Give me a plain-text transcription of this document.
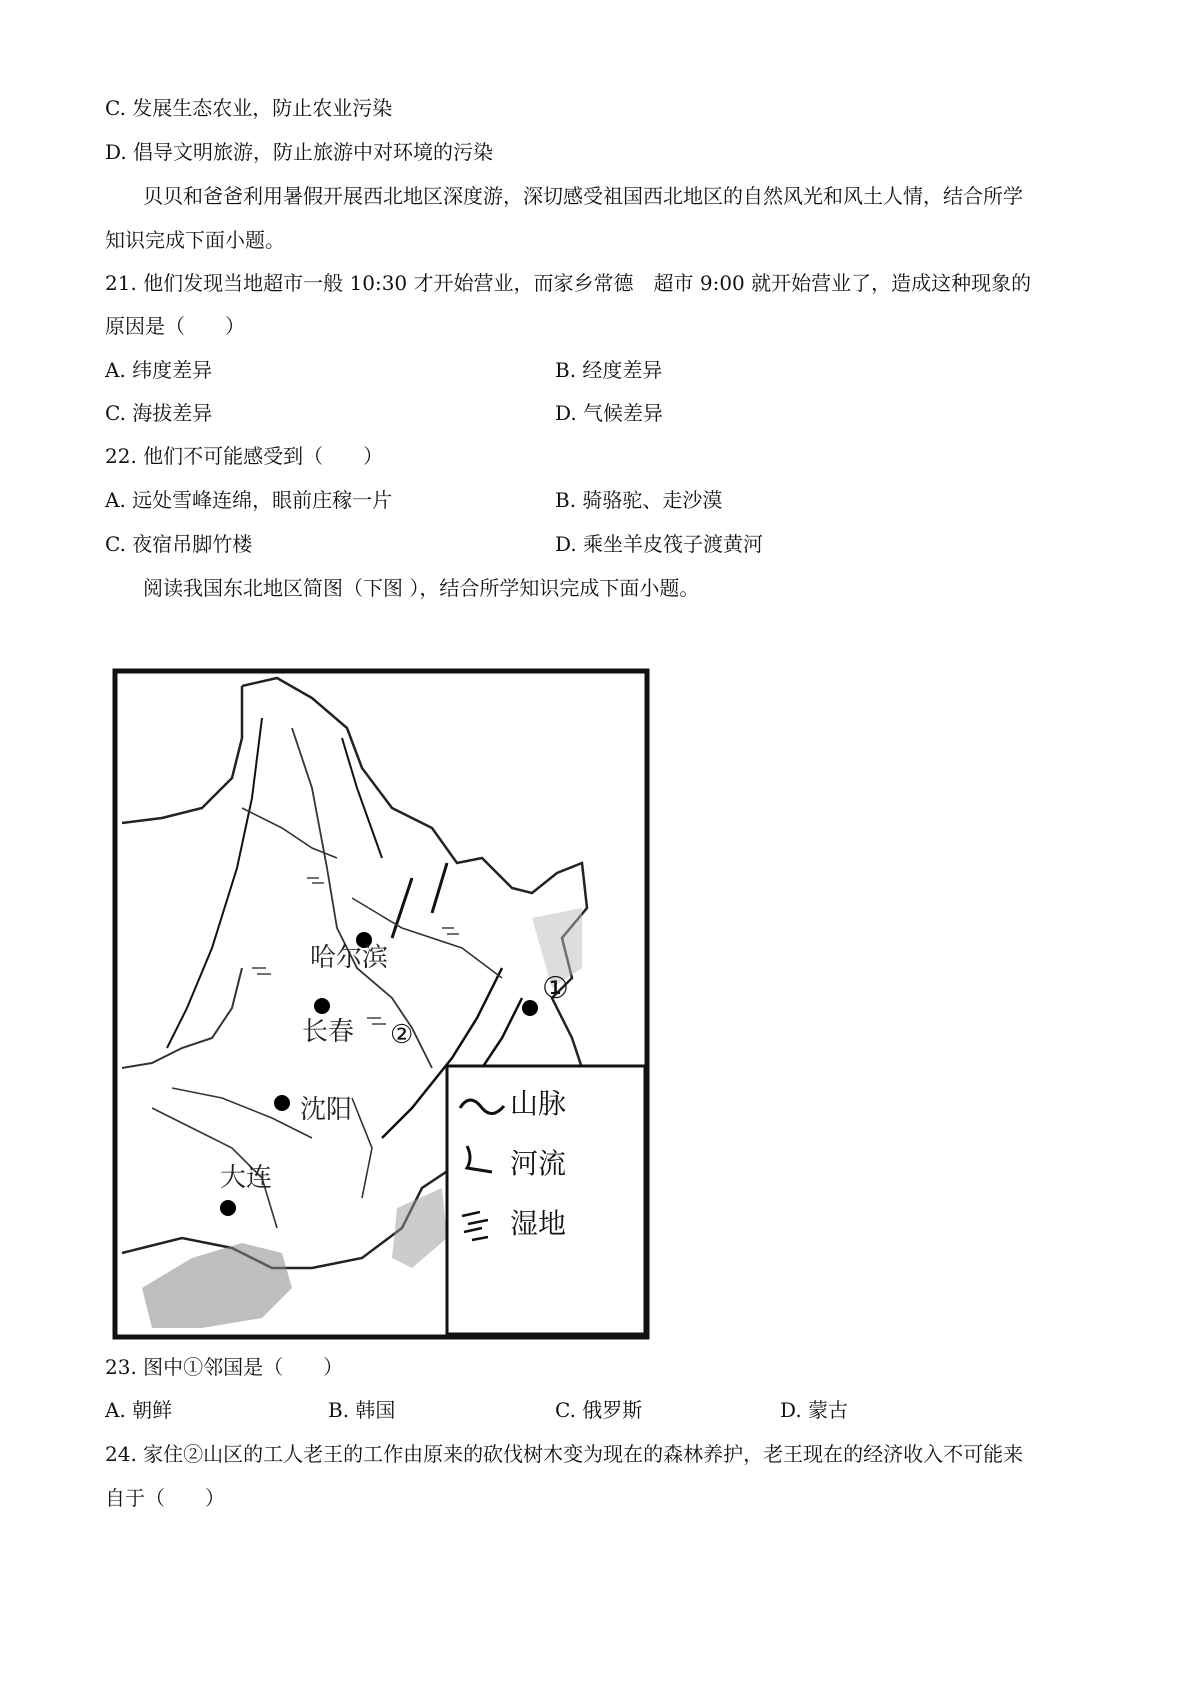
C. 发展生态农业，防止农业污染
D. 倡导文明旅游，防止旅游中对环境的污染
贝贝和爸爸利用暑假开展西北地区深度游，深切感受祖国西北地区的自然风光和风土人情，结合所学
知识完成下面小题。
21. 他们发现当地超市一般 10:30 才开始营业，而家乡常德　超市 9:00 就开始营业了，造成这种现象的
原因是（　　）
A. 纬度差异	B. 经度差异
C. 海拔差异	D. 气候差异
22. 他们不可能感受到（　　）
A. 远处雪峰连绵，眼前庄稼一片	B. 骑骆驼、走沙漠
C. 夜宿吊脚竹楼	D. 乘坐羊皮筏子渡黄河
阅读我国东北地区简图（下图 ），结合所学知识完成下面小题。
哈尔滨
长春
沈阳
大连
①
②
山脉
河流
湿地
23. 图中①邻国是（　　）
A. 朝鲜	B. 韩国	C. 俄罗斯	D. 蒙古
24. 家住②山区的工人老王的工作由原来的砍伐树木变为现在的森林养护，老王现在的经济收入不可能来
自于（　　）
